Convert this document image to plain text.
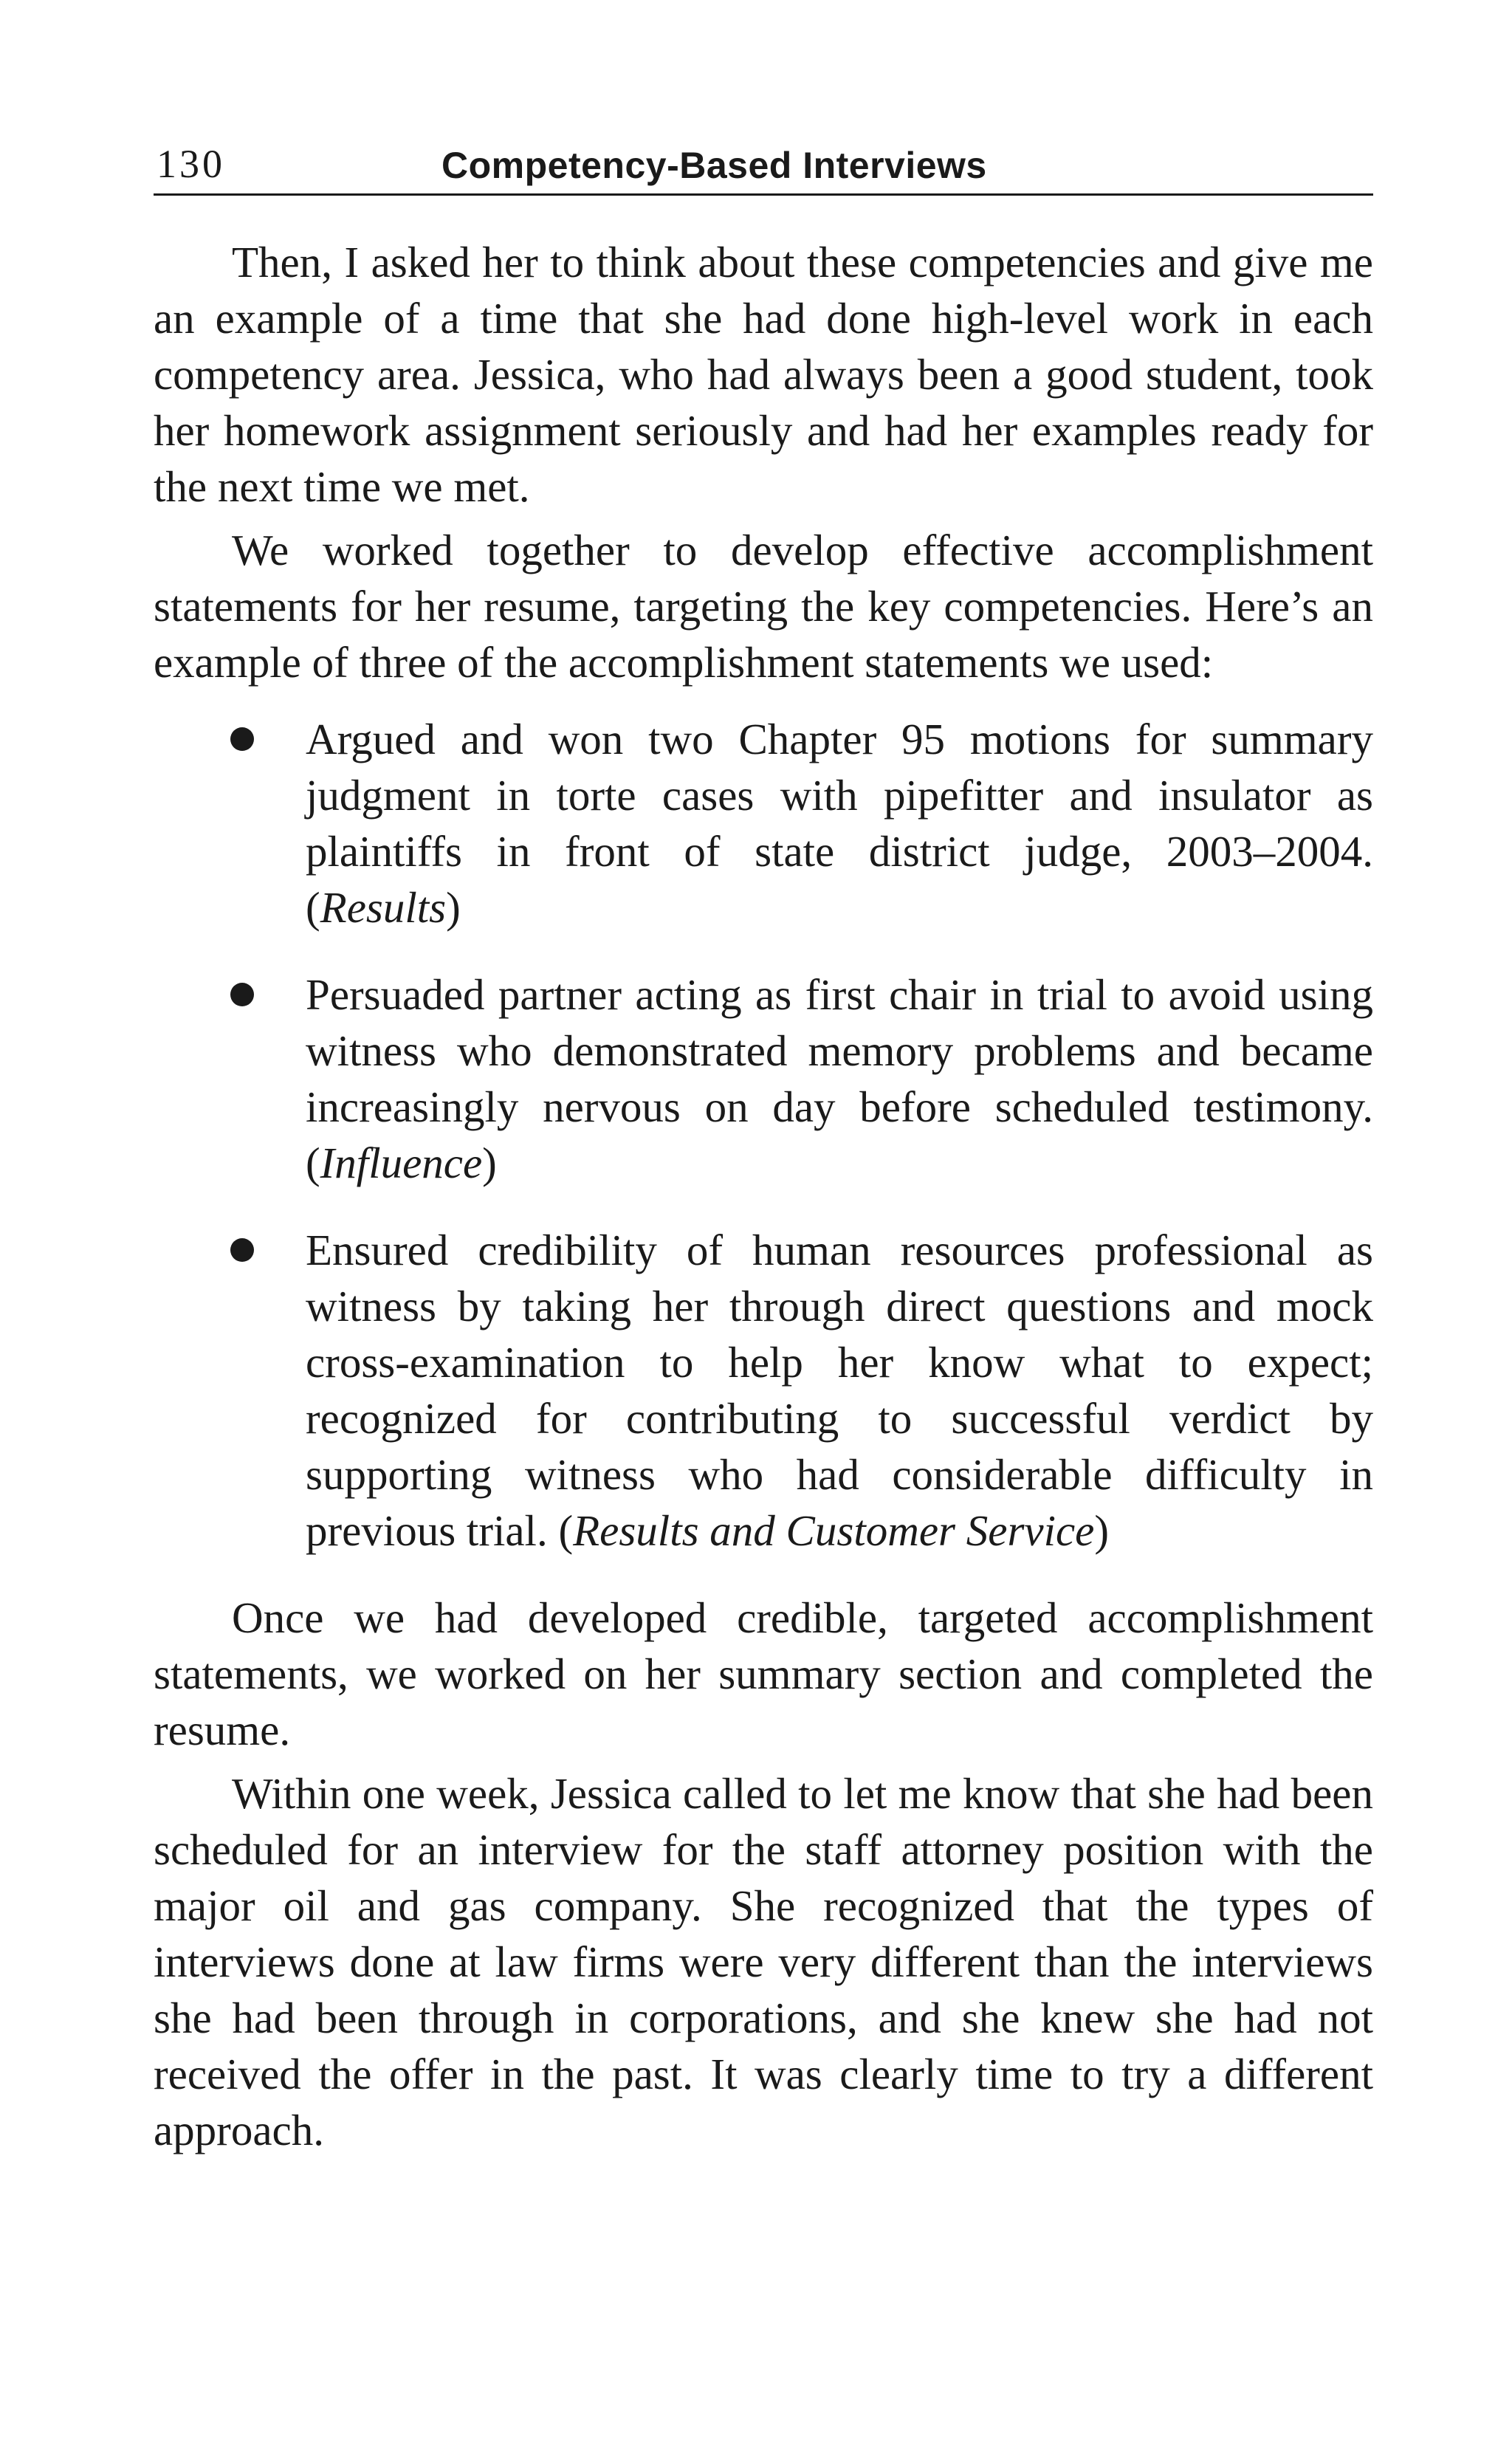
130	Competency-Based Interviews

Then, I asked her to think about these competencies and give me an example of a time that she had done high-level work in each competency area. Jessica, who had always been a good student, took her homework assignment seriously and had her examples ready for the next time we met.

We worked together to develop effective accomplishment statements for her resume, targeting the key competencies. Here’s an example of three of the accomplishment statements we used:

Argued and won two Chapter 95 motions for summary judgment in torte cases with pipefitter and insulator as plaintiffs in front of state district judge, 2003–2004. (Results)
Persuaded partner acting as first chair in trial to avoid using witness who demonstrated memory problems and became increasingly nervous on day before scheduled testimony. (Influence)
Ensured credibility of human resources professional as witness by taking her through direct questions and mock cross-examination to help her know what to expect; recognized for contributing to successful verdict by supporting witness who had considerable difficulty in previous trial. (Results and Customer Service)

Once we had developed credible, targeted accomplishment statements, we worked on her summary section and completed the resume.

Within one week, Jessica called to let me know that she had been scheduled for an interview for the staff attorney position with the major oil and gas company. She recognized that the types of interviews done at law firms were very different than the interviews she had been through in corporations, and she knew she had not received the offer in the past. It was clearly time to try a different approach.
